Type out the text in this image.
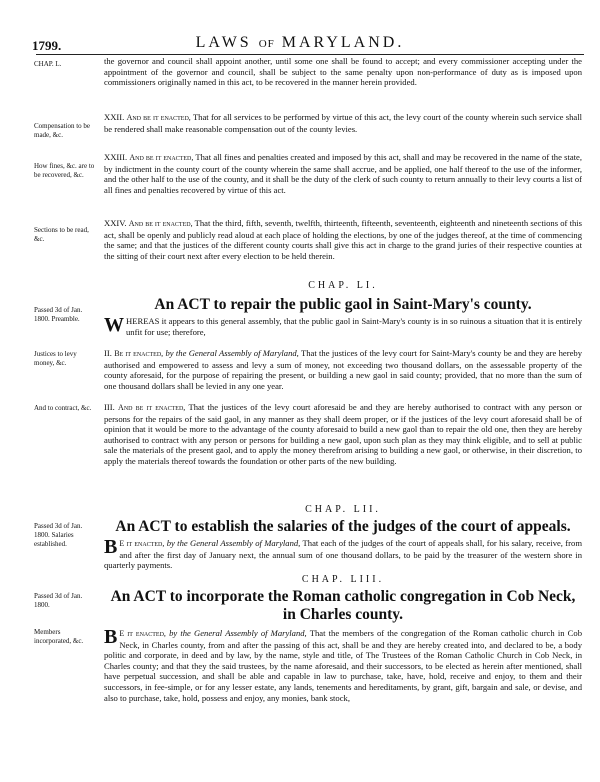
1799.	LAWS OF MARYLAND.
CHAP. L.
Compensation to be made, &c.
How fines, &c. are to be recovered, &c.
Sections to be read, &c.
Passed 3d of Jan. 1800. Preamble.
Justices to levy money, &c.
And to contract, &c.
Passed 3d of Jan. 1800. Salaries established.
Passed 3d of Jan. 1800.
Members incorporated, &c.
the governor and council shall appoint another, until some one shall be found to accept; and every commissioner accepting under the appointment of the governor and council, shall be subject to the same penalty upon non-performance of duty as is imposed upon commissioners originally named in this act, to be recovered in the manner herein provided.
XXII. And be it enacted, That for all services to be performed by virtue of this act, the levy court of the county wherein such service shall be rendered shall make reasonable compensation out of the county levies.
XXIII. And be it enacted, That all fines and penalties created and imposed by this act, shall and may be recovered in the name of the state, by indictment in the county court of the county wherein the same shall accrue, and be applied, one half thereof to the use of the informer, and the other half to the use of the county, and it shall be the duty of the clerk of such county to return annually to their levy courts a list of all fines and penalties recovered by virtue of this act.
XXIV. And be it enacted, That the third, fifth, seventh, twelfth, thirteenth, fifteenth, seventeenth, eighteenth and nineteenth sections of this act, shall be openly and publicly read aloud at each place of holding the elections, by one of the judges thereof, at the time of commencing the same; and that the justices of the different county courts shall give this act in charge to the grand juries of their respective counties at the sitting of their court next after every election to be held therein.
CHAP. LI.
An ACT to repair the public gaol in Saint-Mary's county.
W HEREAS it appears to this general assembly, that the public gaol in Saint-Mary's county is in so ruinous a situation that it is entirely unfit for use; therefore,
II. Be it enacted, by the General Assembly of Maryland, That the justices of the levy court for Saint-Mary's county be and they are hereby authorised and empowered to assess and levy a sum of money, not exceeding two thousand dollars, on the assessable property of the county aforesaid, for the purpose of repairing the present, or building a new gaol in said county; provided, that no more than the sum of one thousand dollars shall be levied in any one year.
III. And be it enacted, That the justices of the levy court aforesaid be and they are hereby authorised to contract with any person or persons for the repairs of the said gaol, in any manner as they shall deem proper, or if the justices of the levy court aforesaid shall be of opinion that it would be more to the advantage of the county aforesaid to build a new gaol than to repair the old one, then they are hereby authorised to contract with any person or persons for building a new gaol, upon such plan as they may think eligible, and to sell at public sale the materials of the present gaol, and to apply the money therefrom arising to building a new gaol, or otherwise, in their discretion, to apply the materials thereof towards the foundation or other parts of the new building.
CHAP. LII.
An ACT to establish the salaries of the judges of the court of appeals.
B E it enacted, by the General Assembly of Maryland, That each of the judges of the court of appeals shall, for his salary, receive, from and after the first day of January next, the annual sum of one thousand dollars, to be paid by the treasurer of the western shore in quarterly payments.
CHAP. LIII.
An ACT to incorporate the Roman catholic congregation in Cob Neck, in Charles county.
B E it enacted, by the General Assembly of Maryland, That the members of the congregation of the Roman catholic church in Cob Neck, in Charles county, from and after the passing of this act, shall be and they are hereby created into, and declared to be, a body politic and corporate, in deed and by law, by the name, style and title, of The Trustees of the Roman Catholic Church in Cob Neck, in Charles county; and that they the said trustees, by the name aforesaid, and their successors, to be elected as herein after mentioned, shall have perpetual succession, and shall be able and capable in law to purchase, take, have, hold, receive and enjoy, to them and their successors, in fee-simple, or for any lesser estate, any lands, tenements and hereditaments, by grant, gift, bargain and sale, or devise, and also to purchase, take, hold, possess and enjoy, any monies, bank stock,
